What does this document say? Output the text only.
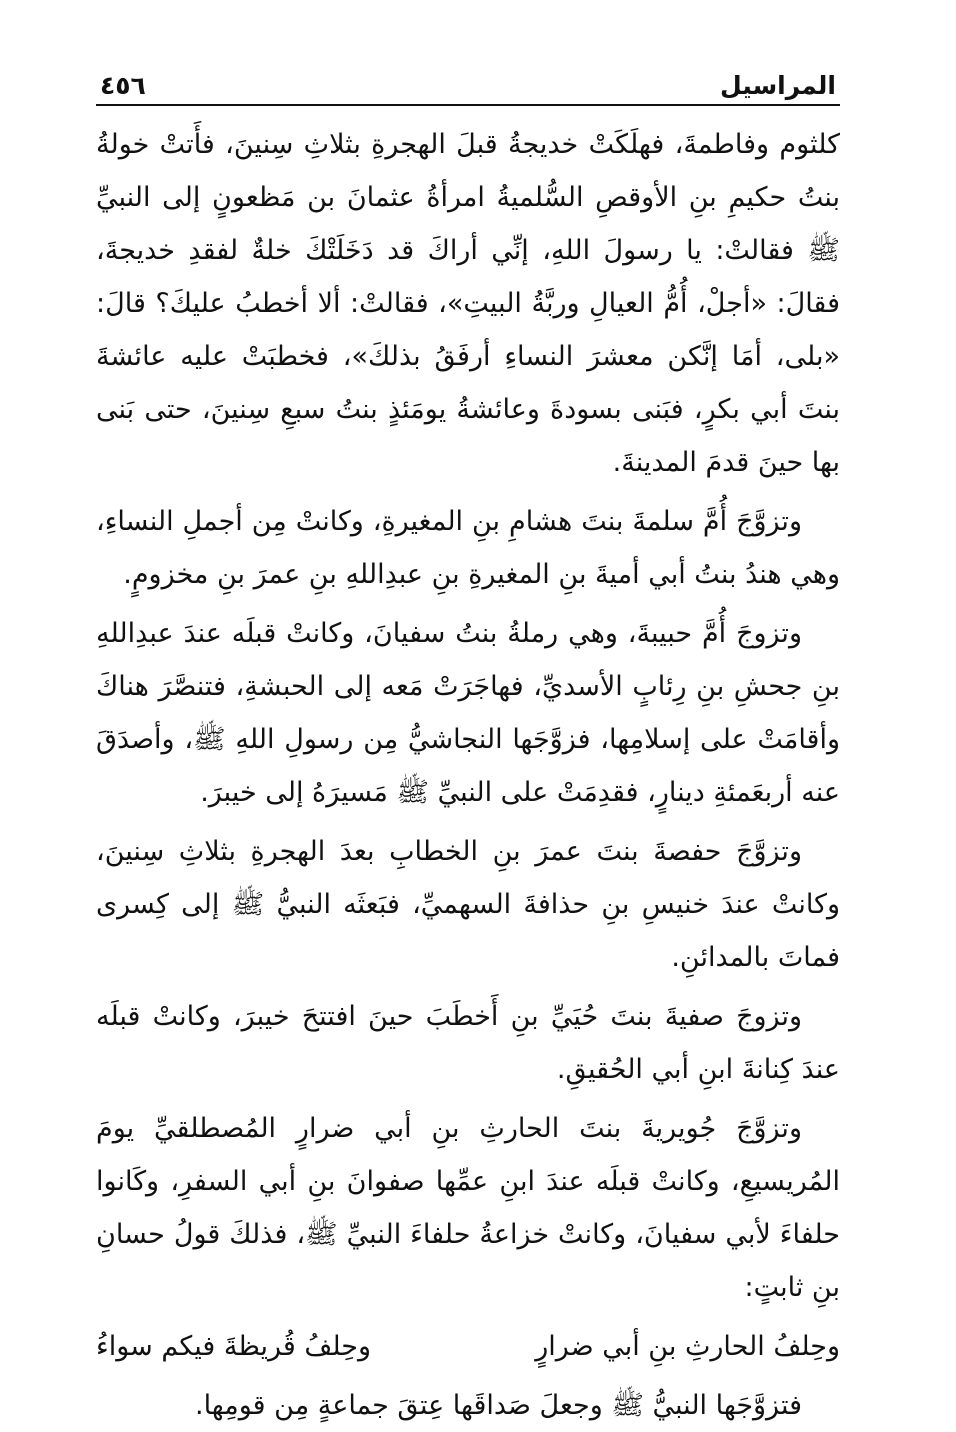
المراسيل
٤٥٦

كلثوم وفاطمةَ، فهلَكَتْ خديجةُ قبلَ الهجرةِ بثلاثِ سِنينَ، فأَتتْ خولةُ بنتُ حكيمِ بنِ الأوقصِ السُّلميةُ امرأةُ عثمانَ بن مَظعونٍ إلى النبيِّ ﷺ فقالتْ: يا رسولَ اللهِ، إنِّي أراكَ قد دَخَلَتْكَ خلةٌ لفقدِ خديجةَ، فقالَ: «أجلْ، أُمُّ العيالِ وربَّةُ البيتِ»، فقالتْ: ألا أخطبُ عليكَ؟ قالَ: «بلى، أمَا إنَّكن معشرَ النساءِ أرفَقُ بذلكَ»، فخطبَتْ عليه عائشةَ بنتَ أبي بكرٍ، فبَنى بسودةَ وعائشةُ يومَئذٍ بنتُ سبعِ سِنينَ، حتى بَنى بها حينَ قدمَ المدينةَ.

وتزوَّجَ أُمَّ سلمةَ بنتَ هشامِ بنِ المغيرةِ، وكانتْ مِن أجملِ النساءِ، وهي هندُ بنتُ أبي أميةَ بنِ المغيرةِ بنِ عبدِاللهِ بنِ عمرَ بنِ مخزومٍ.

وتزوجَ أُمَّ حبيبةَ، وهي رملةُ بنتُ سفيانَ، وكانتْ قبلَه عندَ عبدِاللهِ بنِ جحشِ بنِ رِئابٍ الأسديِّ، فهاجَرَتْ مَعه إلى الحبشةِ، فتنصَّرَ هناكَ وأقامَتْ على إسلامِها، فزوَّجَها النجاشيُّ مِن رسولِ اللهِ ﷺ، وأصدَقَ عنه أربعَمئةِ دينارٍ، فقدِمَتْ على النبيِّ ﷺ مَسيرَهُ إلى خيبرَ.

وتزوَّجَ حفصةَ بنتَ عمرَ بنِ الخطابِ بعدَ الهجرةِ بثلاثِ سِنينَ، وكانتْ عندَ خنيسِ بنِ حذافةَ السهميِّ، فبَعثَه النبيُّ ﷺ إلى كِسرى فماتَ بالمدائنِ.

وتزوجَ صفيةَ بنتَ حُيَيِّ بنِ أَخطَبَ حينَ افتتحَ خيبرَ، وكانتْ قبلَه عندَ كِنانةَ ابنِ أبي الحُقيقِ.

وتزوَّجَ جُويريةَ بنتَ الحارثِ بنِ أبي ضرارٍ المُصطلقيِّ يومَ المُريسيعِ، وكانتْ قبلَه عندَ ابنِ عمِّها صفوانَ بنِ أبي السفرِ، وكَانوا حلفاءَ لأبي سفيانَ، وكانتْ خزاعةُ حلفاءَ النبيِّ ﷺ، فذلكَ قولُ حسانِ بنِ ثابتٍ:

وحِلفُ الحارثِ بنِ أبي ضرارٍ
وحِلفُ قُريظةَ فيكم سواءُ

فتزوَّجَها النبيُّ ﷺ وجعلَ صَداقَها عِتقَ جماعةٍ مِن قومِها.
